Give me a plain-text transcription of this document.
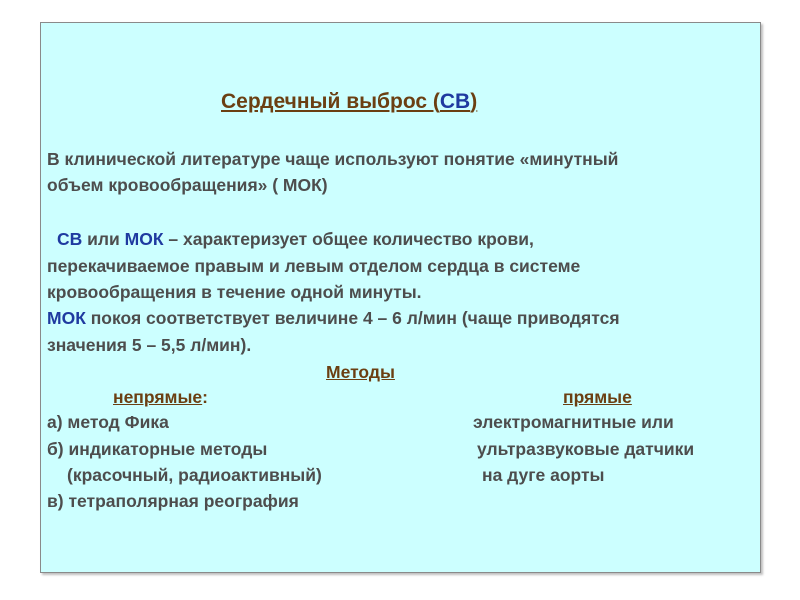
Сердечный выброс (СВ)
В клинической литературе чаще используют понятие «минутный
объем кровообращения» ( МОК)
СВ или МОК – характеризует общее количество крови,
перекачиваемое правым и левым отделом сердца в системе
кровообращения в течение одной минуты.
МОК покоя соответствует величине 4 – 6 л/мин (чаще приводятся
значения 5 – 5,5 л/мин).
Методы
непрямые:	прямые
а) метод Фика
б) индикаторные методы
(красочный, радиоактивный)
в) тетраполярная реография
электромагнитные или
ультразвуковые датчики
на дуге аорты
